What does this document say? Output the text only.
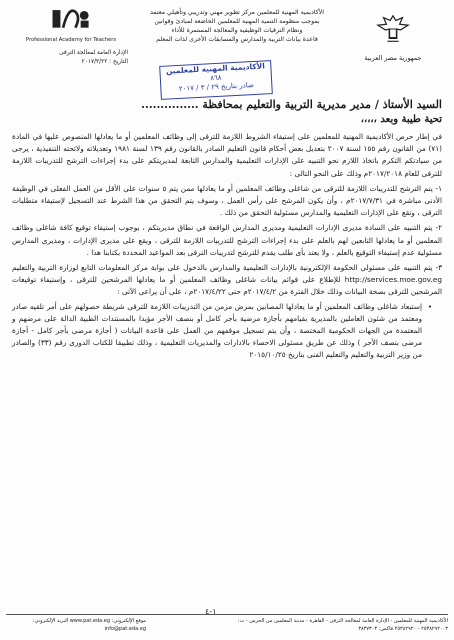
جمهورية مصر العربية
الأكاديمية المهنية للمعلمين مركز تطوير مهني وتدريبي وتأهيلي معتمد
بموجب منظومة التنمية المهنية للمعلمين الخاضعة لمبادئ وقوانين
ونظام الترقيات الوظيفية والمعالجة المستمرة للأداء
قاعدة بيانات التربية والمدارس والمسابقات الأخرى لذات المعلم
Professional Academy for Teachers
الإدارة العامة لمعالجة الترقى
التاريخ : ٢٠١٧/٣/٢٢	الأكاديمية المهنية للمعلمين
٨٦٨
صادر بتاريخ ٢٩ / ٣ / ٢٠١٧
السيد الأستاذ / مدير مديرية التربية والتعليم بمحافظة ...............
تحية طيبة وبعد ،،،،،

في إطار حرص الأكاديمية المهنية للمعلمين على إستيفاء الشروط اللازمة للترقى إلى وظائف المعلمين أو ما يعادلها المنصوص عليها في المادة (٧١) من القانون رقم ١٥٥ لسنة ٢٠٠٧ بتعديل بعض أحكام قانون التعليم الصادر بالقانون رقم ١٣٩ لسنة ١٩٨١ وتعديلاته ولائحته التنفيذية ، يرجى من سيادتكم التكرم باتخاذ اللازم نحو التنبيه على الإدارات التعليمية والمدارس التابعة لمديريتكم على بدء إجراءات الترشح للتدريبات اللازمة للترقى للعام ٢٠١٧/٢٠١٨م وذلك على النحو التالى :

١- يتم الترشح للتدريبات اللازمة للترقى من شاغلى وظائف المعلمين أو ما يعادلها ممن يتم ٥ سنوات على الأقل من العمل الفعلى في الوظيفة الأدنى مباشرة في ٢٠١٧/٧/٣١م ، وأن يكون المرشح على رأس العمل ، وسوف يتم التحقق من هذا الشرط عند التسجيل لإستيفاء متطلبات الترقى ، وتقع على الإدارات التعليمية والمدارس مسئولية التحقق من ذلك .

٢- يتم التنبيه على السادة مديرى الإدارات التعليمية ومديرى المدارس الواقعة في نطاق مديريتكم ، بوجوب إستيفاء توقيع كافة شاغلى وظائف المعلمين أو ما يعادلها التابعين لهم بالعلم على بدء إجراءات الترشح للتدريبات اللازمة للترقى ، ويقع على مديرى الإدارات ، ومديرى المدارس مسئولية عدم إستيفاء التوقيع بالعلم ، ولا يعتد بأى طلب يقدم للترشح لتدريبات الترقى بعد المواعيد المحددة بكتابنا هذا .

٣- يتم التنبيه على مسئولى الحكومة الإلكترونية بالإدارات التعليمية والمدارس بالدخول على بوابة مركز المعلومات التابع لوزارة التربية والتعليم http://services.moe.gov.eg للإطلاع على قوائم بيانات شاغلى وظائف المعلمين أو ما يعادلها المرشحين للترقى ، وإستيفاء توقيعات المرشحين للترقى بصحة البيانات وذلك خلال الفترة من ٢٠١٧/٤/٢م حتى ٢٠١٧/٤/٢٢م ، على أن يراعى الآتى :

•
إستبعاد شاغلى وظائف المعلمين أو ما يعادلها المصابين بمرض مزمن من التدريبات اللازمة للترقى شريطة حصولهم على أمر تلقيه صادر ومعتمد من شئون العاملين بالمديرية بقيامهم بأجازة مرضية بأجر كامل أو بنصف الأجر مؤيدا بالمستندات الطبية الدالة على مرضهم و المعتمدة من الجهات الحكومية المختصة ، وأن يتم تسجيل موقفهم من العمل على قاعدة البيانات ( أجازة مرضى بأجر كامل - أجازة مرضى بنصف الأجر ) وذلك عن طريق مسئولى الاحصاء بالادارات والمديريات التعليمية ، وذلك تطبيقا للكتاب الدورى رقم (٣٣) والصادر من وزير التربية والتعليم والتعليم الفنى بتاريخ ٢٠١٥/١٠/٢٥

١-٤
الأكاديمية المهنية للمعلمين - الإدارة العامة لمعالجة الترقى - القاهرة - مدينة المعلمين من الحرس - ت: ٢٥٣٨٢٩٢٠٠٣ - ٢٥٣٨٢٩٢٠ فاكس: ٣٨٣٧٣٠٣
موقع الإلكتروني: www.pat.eda.eg البريد الإلكتروني: info@pat.eda.eg
